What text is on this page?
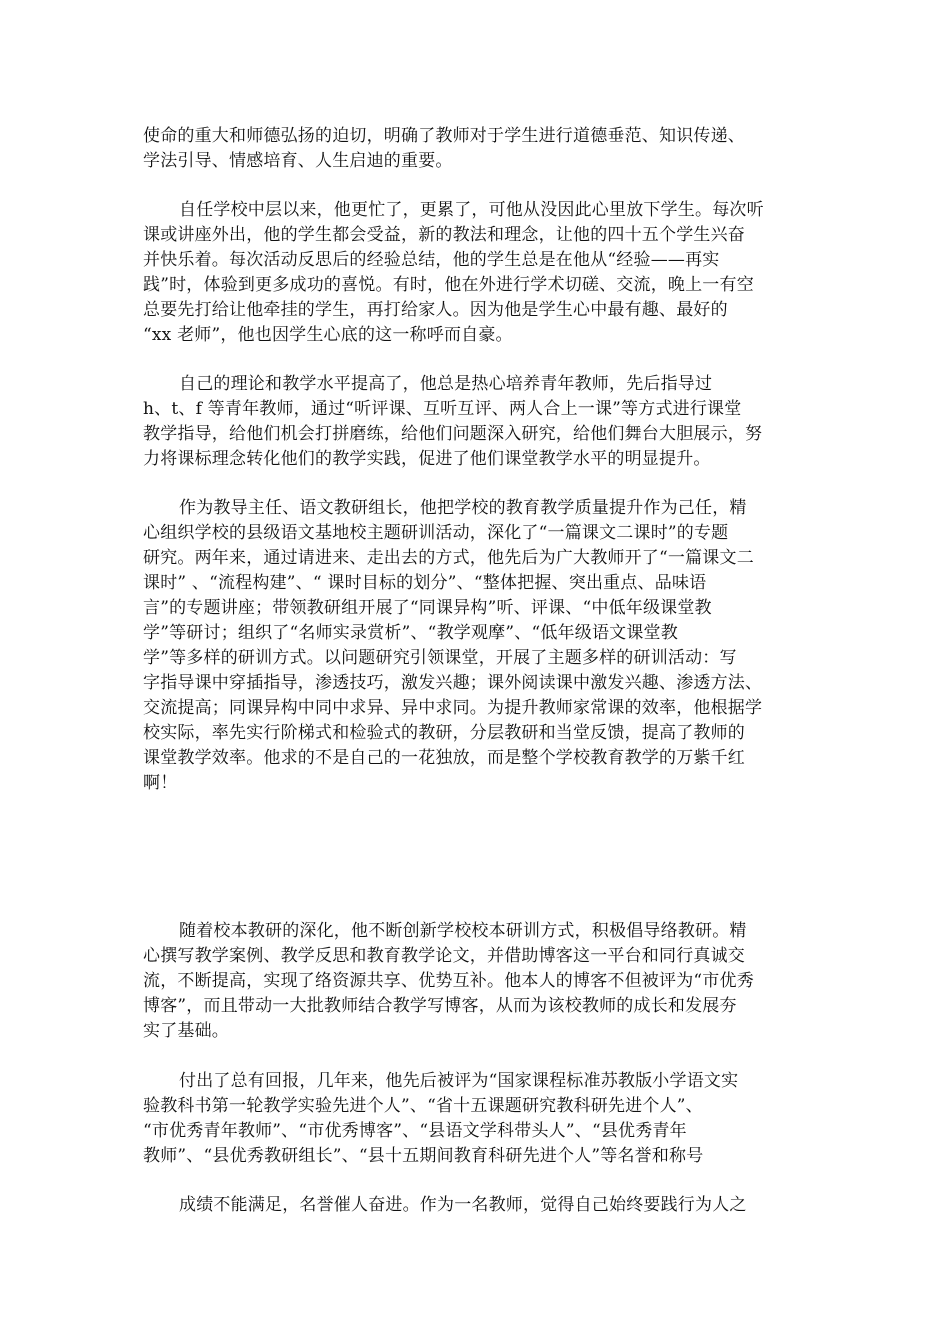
使命的重大和师德弘扬的迫切，明确了教师对于学生进行道德垂范、知识传递、
学法引导、情感培育、人生启迪的重要。
自任学校中层以来，他更忙了，更累了，可他从没因此心里放下学生。每次听
课或讲座外出，他的学生都会受益，新的教法和理念，让他的四十五个学生兴奋
并快乐着。每次活动反思后的经验总结，他的学生总是在他从“经验——再实
践”时，体验到更多成功的喜悦。有时，他在外进行学术切磋、交流，晚上一有空
总要先打给让他牵挂的学生，再打给家人。因为他是学生心中最有趣、最好的
“xx 老师”，他也因学生心底的这一称呼而自豪。
自己的理论和教学水平提高了，他总是热心培养青年教师，先后指导过
h、t、f 等青年教师，通过“听评课、互听互评、两人合上一课”等方式进行课堂
教学指导，给他们机会打拼磨练，给他们问题深入研究，给他们舞台大胆展示，努
力将课标理念转化他们的教学实践，促进了他们课堂教学水平的明显提升。
作为教导主任、语文教研组长，他把学校的教育教学质量提升作为己任，精
心组织学校的县级语文基地校主题研训活动，深化了“一篇课文二课时”的专题
研究。两年来，通过请进来、走出去的方式，他先后为广大教师开了“一篇课文二
课时” 、“流程构建”、“ 课时目标的划分”、“整体把握、突出重点、品味语
言”的专题讲座；带领教研组开展了“同课异构”听、评课、“中低年级课堂教
学”等研讨；组织了“名师实录赏析”、“教学观摩”、“低年级语文课堂教
学”等多样的研训方式。以问题研究引领课堂，开展了主题多样的研训活动：写
字指导课中穿插指导，渗透技巧，激发兴趣；课外阅读课中激发兴趣、渗透方法、
交流提高；同课异构中同中求异、异中求同。为提升教师家常课的效率，他根据学
校实际，率先实行阶梯式和检验式的教研，分层教研和当堂反馈，提高了教师的
课堂教学效率。他求的不是自己的一花独放，而是整个学校教育教学的万紫千红
啊！
随着校本教研的深化，他不断创新学校校本研训方式，积极倡导络教研。精
心撰写教学案例、教学反思和教育教学论文，并借助博客这一平台和同行真诚交
流，不断提高，实现了络资源共享、优势互补。他本人的博客不但被评为“市优秀
博客”，而且带动一大批教师结合教学写博客，从而为该校教师的成长和发展夯
实了基础。
付出了总有回报，几年来，他先后被评为“国家课程标准苏教版小学语文实
验教科书第一轮教学实验先进个人”、“省十五课题研究教科研先进个人”、
“市优秀青年教师”、“市优秀博客”、“县语文学科带头人”、“县优秀青年
教师”、“县优秀教研组长”、“县十五期间教育科研先进个人”等名誉和称号
成绩不能满足，名誉催人奋进。作为一名教师，觉得自己始终要践行为人之
